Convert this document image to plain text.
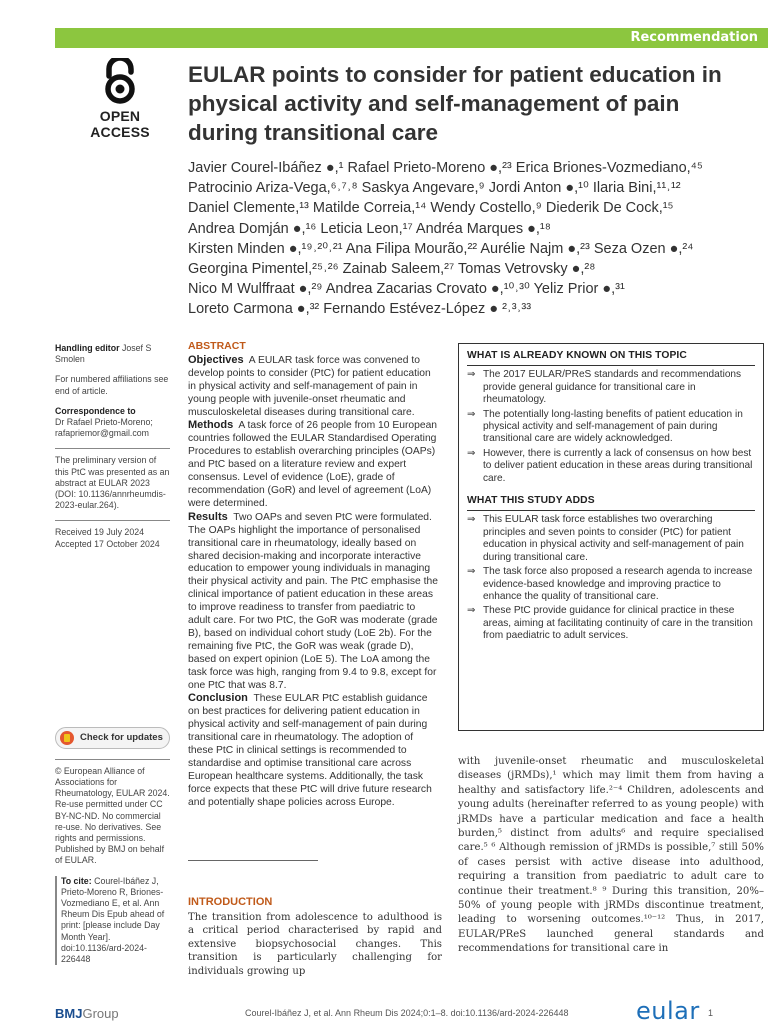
Recommendation
OPEN ACCESS
EULAR points to consider for patient education in physical activity and self-management of pain during transitional care
Javier Courel-Ibáñez ●,¹ Rafael Prieto-Moreno ●,²³ Erica Briones-Vozmediano,⁴⁵
Patrocinio Ariza-Vega,⁶˒⁷˒⁸ Saskya Angevare,⁹ Jordi Anton ●,¹⁰ Ilaria Bini,¹¹˒¹²
Daniel Clemente,¹³ Matilde Correia,¹⁴ Wendy Costello,⁹ Diederik De Cock,¹⁵
Andrea Domján ●,¹⁶ Leticia Leon,¹⁷ Andréa Marques ●,¹⁸
Kirsten Minden ●,¹⁹˒²⁰˒²¹ Ana Filipa Mourão,²² Aurélie Najm ●,²³ Seza Ozen ●,²⁴
Georgina Pimentel,²⁵˒²⁶ Zainab Saleem,²⁷ Tomas Vetrovsky ●,²⁸
Nico M Wulffraat ●,²⁹ Andrea Zacarias Crovato ●,¹⁰˒³⁰ Yeliz Prior ●,³¹
Loreto Carmona ●,³² Fernando Estévez-López ● ²˒³˒³³

Handling editor Josef S Smolen

For numbered affiliations see end of article.

Correspondence to
Dr Rafael Prieto-Moreno; rafapriemor@gmail.com

The preliminary version of this PtC was presented as an abstract at EULAR 2023 (DOI: 10.1136/annrheumdis-2023-eular.264).

Received 19 July 2024
Accepted 17 October 2024

Check for updates

© European Alliance of Associations for Rheumatology, EULAR 2024. Re-use permitted under CC BY-NC-ND. No commercial re-use. No derivatives. See rights and permissions. Published by BMJ on behalf of EULAR.

To cite: Courel-Ibáñez J, Prieto-Moreno R, Briones-Vozmediano E, et al. Ann Rheum Dis Epub ahead of print: [please include Day Month Year]. doi:10.1136/ard-2024-226448

ABSTRACT

Objectives A EULAR task force was convened to develop points to consider (PtC) for patient education in physical activity and self-management of pain in young people with juvenile-onset rheumatic and musculoskeletal diseases during transitional care.

Methods A task force of 26 people from 10 European countries followed the EULAR Standardised Operating Procedures to establish overarching principles (OAPs) and PtC based on a literature review and expert consensus. Level of evidence (LoE), grade of recommendation (GoR) and level of agreement (LoA) were determined.

Results Two OAPs and seven PtC were formulated. The OAPs highlight the importance of personalised transitional care in rheumatology, ideally based on shared decision-making and incorporate interactive education to empower young individuals in managing their physical activity and pain. The PtC emphasise the clinical importance of patient education in these areas to improve readiness to transfer from paediatric to adult care. For two PtC, the GoR was moderate (grade B), based on individual cohort study (LoE 2b). For the remaining five PtC, the GoR was weak (grade D), based on expert opinion (LoE 5). The LoA among the task force was high, ranging from 9.4 to 9.8, except for one PtC that was 8.7.

Conclusion These EULAR PtC establish guidance on best practices for delivering patient education in physical activity and self-management of pain during transitional care in rheumatology. The adoption of these PtC in clinical settings is recommended to standardise and optimise transitional care across European healthcare systems. Additionally, the task force expects that these PtC will drive future research and potentially shape policies across Europe.

WHAT IS ALREADY KNOWN ON THIS TOPIC
⇒ The 2017 EULAR/PReS standards and recommendations provide general guidance for transitional care in rheumatology.
⇒ The potentially long-lasting benefits of patient education in physical activity and self-management of pain during transitional care are widely acknowledged.
⇒ However, there is currently a lack of consensus on how best to deliver patient education in these areas during transitional care.
WHAT THIS STUDY ADDS
⇒ This EULAR task force establishes two overarching principles and seven points to consider (PtC) for patient education in physical activity and self-management of pain during transitional care.
⇒ The task force also proposed a research agenda to increase evidence-based knowledge and improving practice to enhance the quality of transitional care.
⇒ These PtC provide guidance for clinical practice in these areas, aiming at facilitating continuity of care in the transition from paediatric to adult services.
INTRODUCTION

The transition from adolescence to adulthood is a critical period characterised by rapid and extensive biopsychosocial changes. This transition is particularly challenging for individuals growing up

with juvenile-onset rheumatic and musculoskeletal diseases (jRMDs),¹ which may limit them from having a healthy and satisfactory life.²⁻⁴ Children, adolescents and young adults (hereinafter referred to as young people) with jRMDs have a particular medication and face a health burden,⁵ distinct from adults⁶ and require specialised care.⁵ ⁶ Although remission of jRMDs is possible,⁷ still 50% of cases persist with active disease into adulthood, requiring a transition from paediatric to adult care to continue their treatment.⁸ ⁹ During this transition, 20%–50% of young people with jRMDs discontinue treatment, leading to worsening outcomes.¹⁰⁻¹² Thus, in 2017, EULAR/PReS launched general standards and recommendations for transitional care in

BMJGroup	Courel-Ibáñez J, et al. Ann Rheum Dis 2024;0:1–8. doi:10.1136/ard-2024-226448	eular 1
